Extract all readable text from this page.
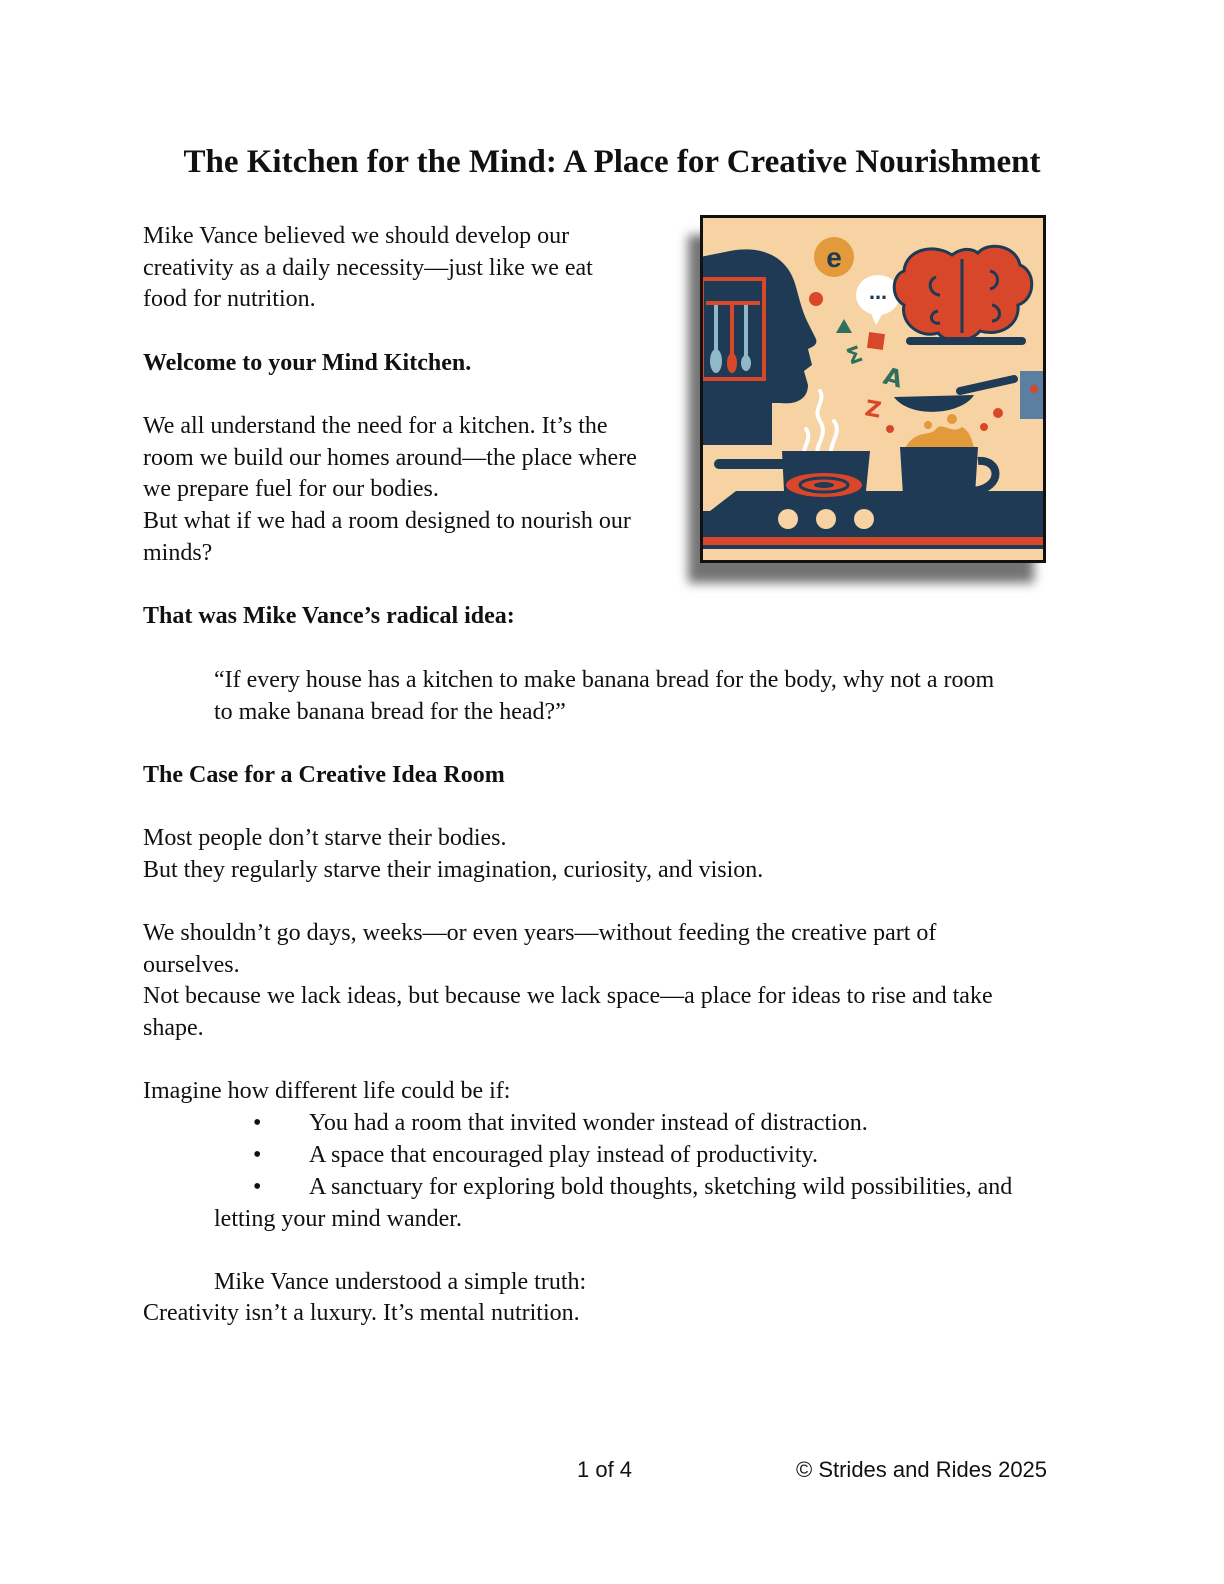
The Kitchen for the Mind: A Place for Creative Nourishment
Mike Vance believed we should develop our
creativity as a daily necessity—just like we eat
food for nutrition.
Welcome to your Mind Kitchen.
We all understand the need for a kitchen. It’s the
room we build our homes around—the place where
we prepare fuel for our bodies.
But what if we had a room designed to nourish our
minds?
e
…
Σ
A
Z
That was Mike Vance’s radical idea:
“If every house has a kitchen to make banana bread for the body, why not a room
to make banana bread for the head?”
The Case for a Creative Idea Room
Most people don’t starve their bodies.
But they regularly starve their imagination, curiosity, and vision.
We shouldn’t go days, weeks—or even years—without feeding the creative part of
ourselves.
Not because we lack ideas, but because we lack space—a place for ideas to rise and take
shape.
Imagine how different life could be if:
• You had a room that invited wonder instead of distraction.
• A space that encouraged play instead of productivity.
• A sanctuary for exploring bold thoughts, sketching wild possibilities, and
letting your mind wander.
Mike Vance understood a simple truth:
Creativity isn’t a luxury. It’s mental nutrition.
1 of 4	© Strides and Rides 2025
